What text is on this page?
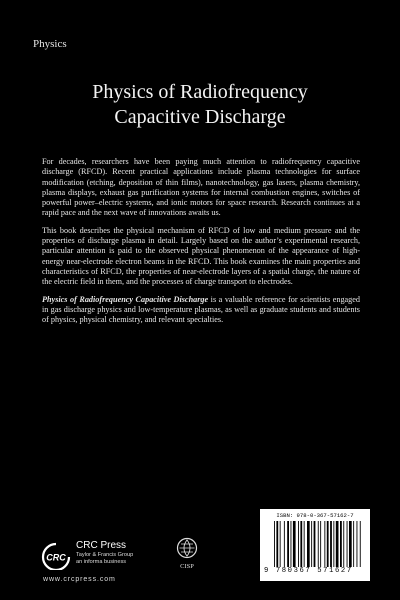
Physics
Physics of Radiofrequency
Capacitive Discharge

For decades, researchers have been paying much attention to radiofrequency capacitive discharge (RFCD). Recent practical applications include plasma technologies for surface modification (etching, deposition of thin films), nanotechnology, gas lasers, plasma chemistry, plasma displays, exhaust gas purification systems for internal combustion engines, switches of powerful power–electric systems, and ionic motors for space research. Research continues at a rapid pace and the next wave of innovations awaits us.

This book describes the physical mechanism of RFCD of low and medium pressure and the properties of discharge plasma in detail. Largely based on the author’s experimental research, particular attention is paid to the observed physical phenomenon of the appearance of high-energy near-electrode electron beams in the RFCD. This book examines the main properties and characteristics of RFCD, the properties of near-electrode layers of a spatial charge, the nature of the electric field in them, and the processes of charge transport to electrodes.

Physics of Radiofrequency Capacitive Discharge is a valuable reference for scientists engaged in gas discharge physics and low-temperature plasmas, as well as graduate students and students of physics, physical chemistry, and relevant specialties.

CRC
CRC Press
Taylor & Francis Group
an informa business
www.crcpress.com
CISP
ISBN: 978-0-367-57162-7
9 780367 571627
